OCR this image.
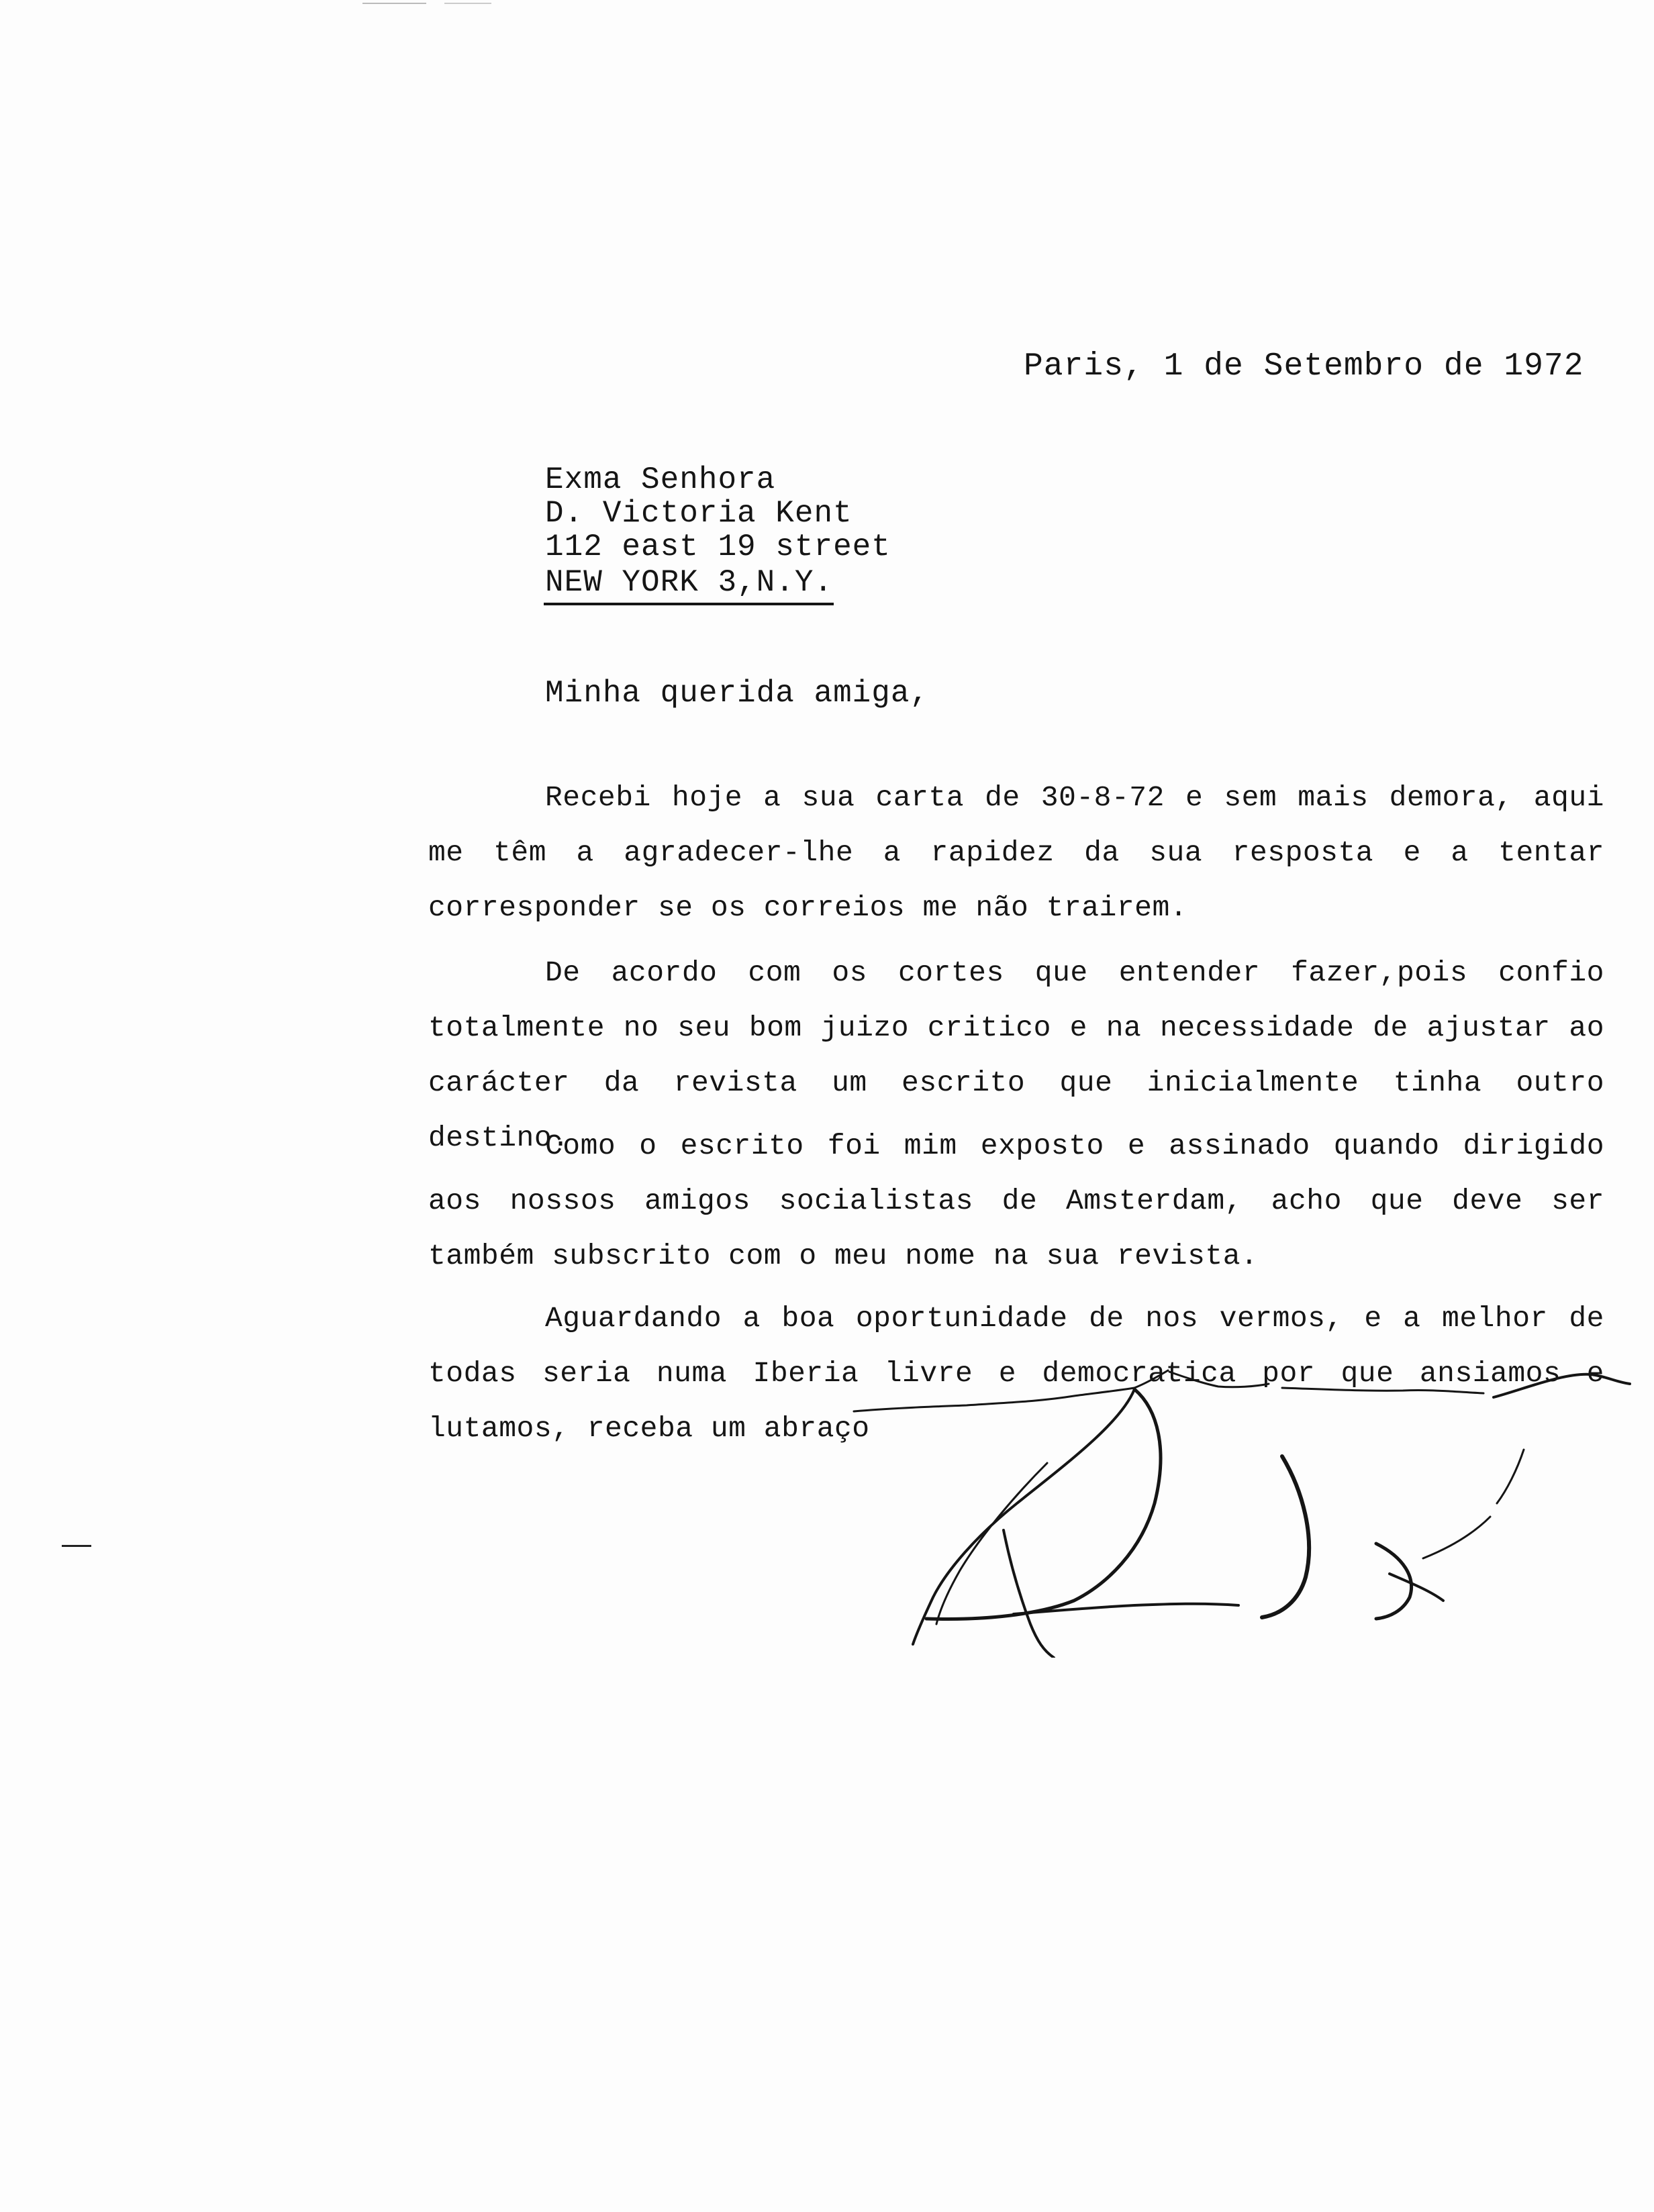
Paris, 1 de Setembro de 1972
Exma Senhora
D. Victoria Kent
112 east 19 street
NEW YORK 3,N.Y.
Minha querida amiga,

Recebi hoje a sua carta de 30-8-72 e sem mais demora, aqui me têm a agradecer-lhe a rapidez da sua resposta e a tentar corresponder se os correios me não trairem.

De acordo com os cortes que entender fazer,pois confio totalmente no seu bom juizo critico e na necessidade de ajustar ao carácter da revista um escrito que inicialmente tinha outro destino.

Como o escrito foi mim exposto e assinado quando dirigido aos nossos amigos socialistas de Amsterdam, acho que deve ser também subscrito com o meu nome na sua revista.

Aguardando a boa oportunidade de nos vermos, e a melhor de todas seria numa Iberia livre e democratica por que ansiamos e lutamos, receba um abraço
